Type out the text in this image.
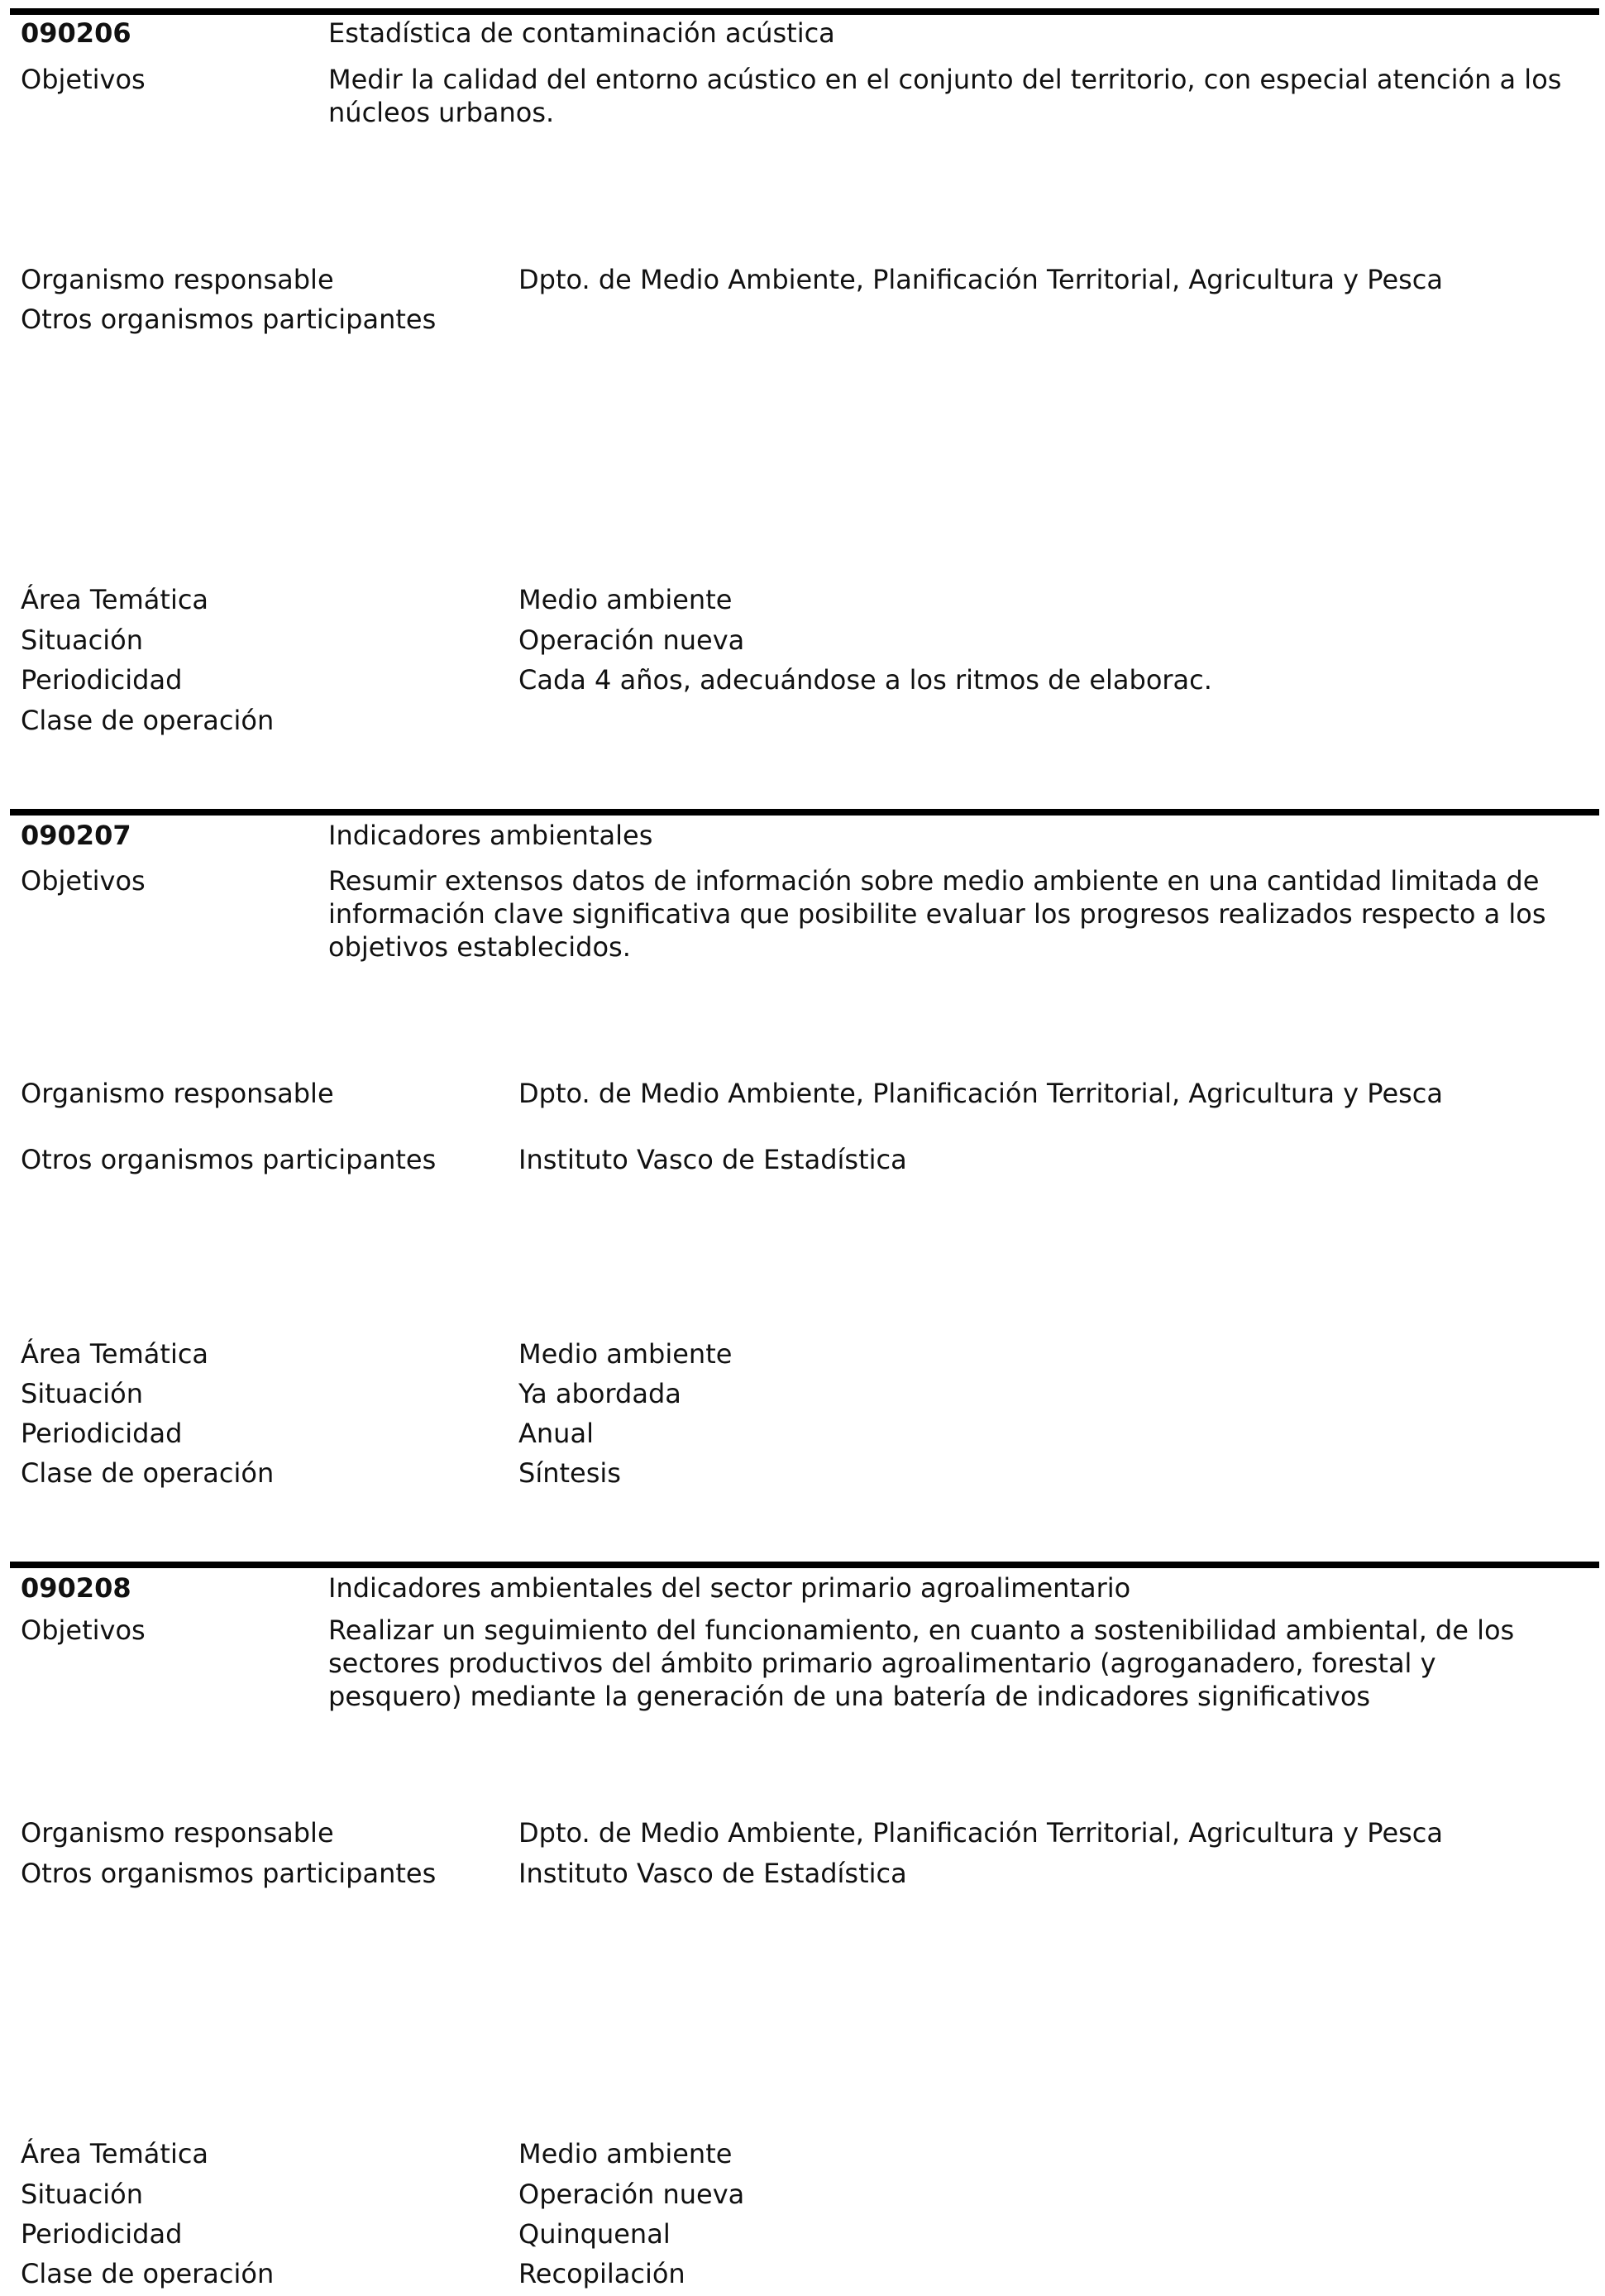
090206	Estadística de contaminación acústica
Objetivos	Medir la calidad del entorno acústico en el conjunto del territorio, con especial atención a los núcleos urbanos.
Organismo responsable	Dpto. de Medio Ambiente, Planificación Territorial, Agricultura y Pesca
Otros organismos participantes
Área Temática	Medio ambiente
Situación	Operación nueva
Periodicidad	Cada 4 años, adecuándose a los ritmos de elaborac.
Clase de operación
090207	Indicadores ambientales
Objetivos	Resumir extensos datos de información sobre medio ambiente en una cantidad limitada de información clave significativa que posibilite evaluar los progresos realizados respecto a los objetivos establecidos.
Organismo responsable	Dpto. de Medio Ambiente, Planificación Territorial, Agricultura y Pesca
Otros organismos participantes	Instituto Vasco de Estadística
Área Temática	Medio ambiente
Situación	Ya abordada
Periodicidad	Anual
Clase de operación	Síntesis
090208	Indicadores ambientales del sector primario agroalimentario
Objetivos	Realizar un seguimiento del funcionamiento, en cuanto a sostenibilidad ambiental, de los sectores productivos del ámbito primario agroalimentario (agroganadero, forestal y pesquero) mediante la generación de una batería de indicadores significativos
Organismo responsable	Dpto. de Medio Ambiente, Planificación Territorial, Agricultura y Pesca
Otros organismos participantes	Instituto Vasco de Estadística
Área Temática	Medio ambiente
Situación	Operación nueva
Periodicidad	Quinquenal
Clase de operación	Recopilación
